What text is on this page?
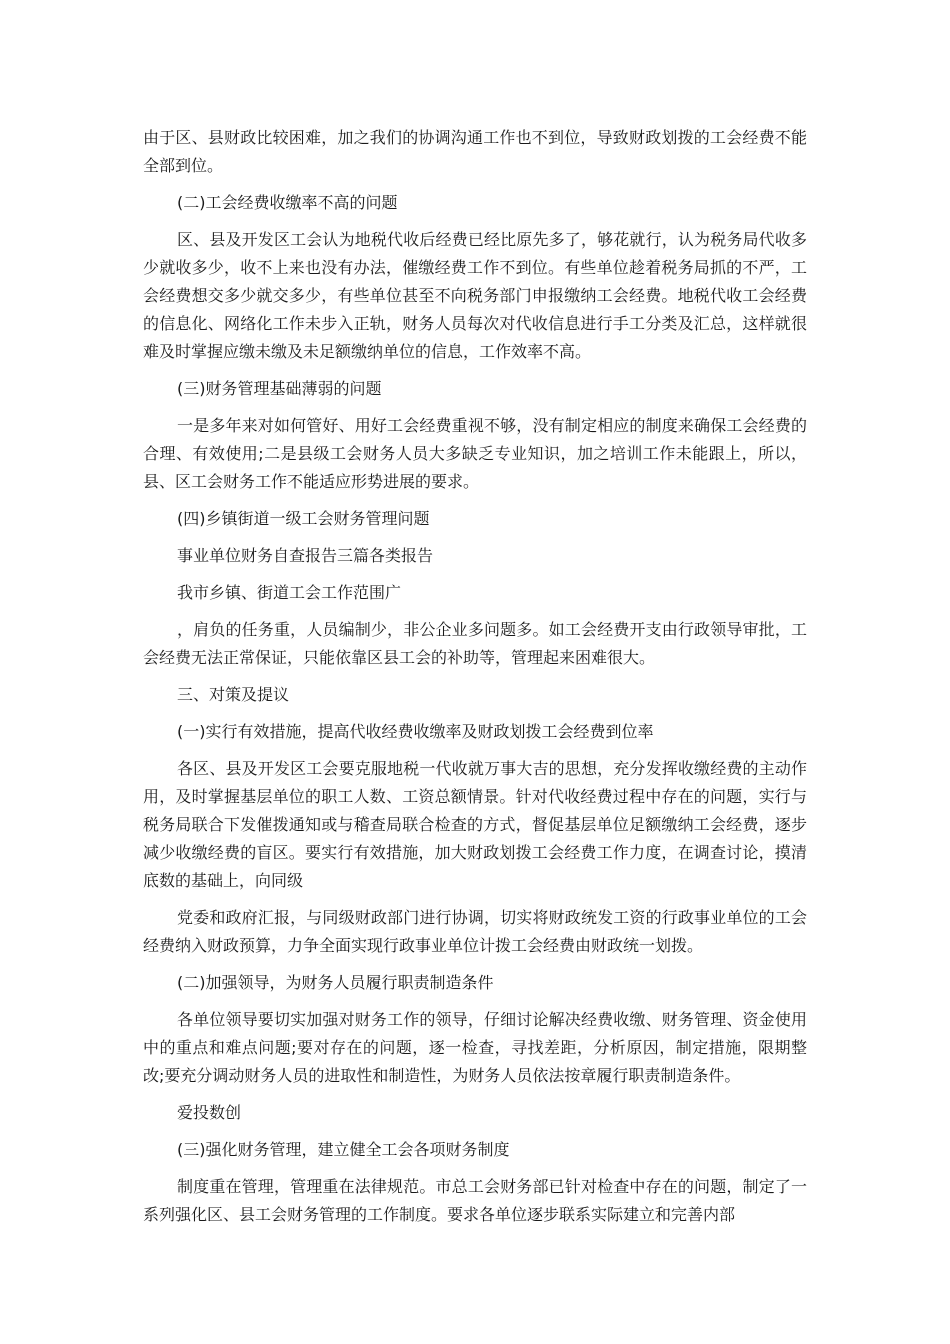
由于区、县财政比较困难，加之我们的协调沟通工作也不到位，导致财政划拨的工会经费不能全部到位。

(二)工会经费收缴率不高的问题

区、县及开发区工会认为地税代收后经费已经比原先多了，够花就行，认为税务局代收多少就收多少，收不上来也没有办法，催缴经费工作不到位。有些单位趁着税务局抓的不严，工会经费想交多少就交多少，有些单位甚至不向税务部门申报缴纳工会经费。地税代收工会经费的信息化、网络化工作未步入正轨，财务人员每次对代收信息进行手工分类及汇总，这样就很难及时掌握应缴未缴及未足额缴纳单位的信息，工作效率不高。

(三)财务管理基础薄弱的问题

一是多年来对如何管好、用好工会经费重视不够，没有制定相应的制度来确保工会经费的合理、有效使用;二是县级工会财务人员大多缺乏专业知识，加之培训工作未能跟上，所以，县、区工会财务工作不能适应形势进展的要求。

(四)乡镇街道一级工会财务管理问题

事业单位财务自查报告三篇各类报告

我市乡镇、街道工会工作范围广

，肩负的任务重，人员编制少，非公企业多问题多。如工会经费开支由行政领导审批，工会经费无法正常保证，只能依靠区县工会的补助等，管理起来困难很大。

三、对策及提议

(一)实行有效措施，提高代收经费收缴率及财政划拨工会经费到位率

各区、县及开发区工会要克服地税一代收就万事大吉的思想，充分发挥收缴经费的主动作用，及时掌握基层单位的职工人数、工资总额情景。针对代收经费过程中存在的问题，实行与税务局联合下发催拨通知或与稽查局联合检查的方式，督促基层单位足额缴纳工会经费，逐步减少收缴经费的盲区。要实行有效措施，加大财政划拨工会经费工作力度，在调查讨论，摸清底数的基础上，向同级

党委和政府汇报，与同级财政部门进行协调，切实将财政统发工资的行政事业单位的工会经费纳入财政预算，力争全面实现行政事业单位计拨工会经费由财政统一划拨。

(二)加强领导，为财务人员履行职责制造条件

各单位领导要切实加强对财务工作的领导，仔细讨论解决经费收缴、财务管理、资金使用中的重点和难点问题;要对存在的问题，逐一检查，寻找差距，分析原因，制定措施，限期整改;要充分调动财务人员的进取性和制造性，为财务人员依法按章履行职责制造条件。

爱投数创

(三)强化财务管理，建立健全工会各项财务制度

制度重在管理，管理重在法律规范。市总工会财务部已针对检查中存在的问题，制定了一系列强化区、县工会财务管理的工作制度。要求各单位逐步联系实际建立和完善内部
